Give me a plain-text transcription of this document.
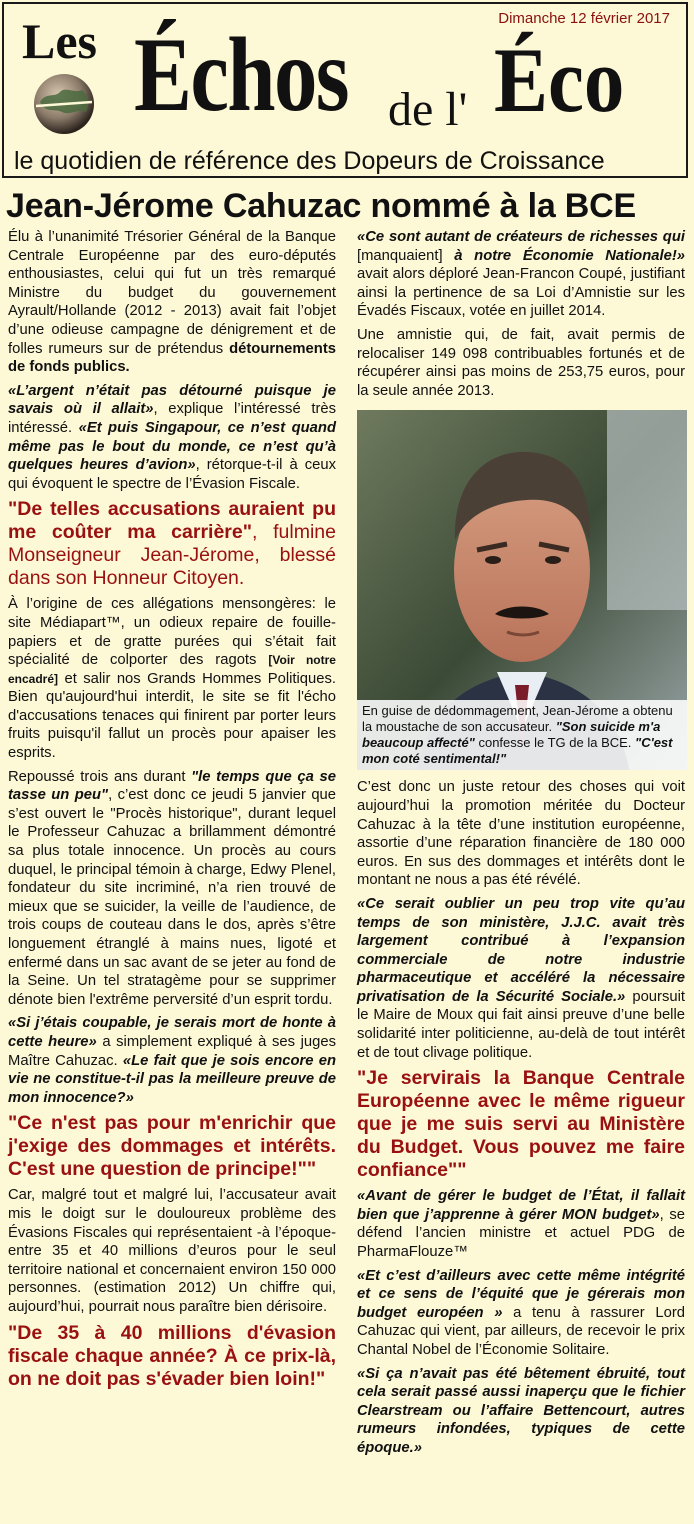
Dimanche 12 février 2017
Les Échos de l' Éco
le quotidien de référence des Dopeurs de Croissance
Jean-Jérome Cahuzac nommé à la BCE

Élu à l’unanimité Trésorier Général de la Banque Centrale Européenne par des euro-députés enthousiastes, celui qui fut un très remarqué Ministre du budget du gouvernement Ayrault/Hollande (2012 - 2013) avait fait l’objet d’une odieuse campagne de dénigrement et de folles rumeurs sur de prétendus détournements de fonds publics.

«L’argent n’était pas détourné puisque je savais où il allait», explique l’intéressé très intéressé. «Et puis Singapour, ce n’est quand même pas le bout du monde, ce n’est qu’à quelques heures d’avion», rétorque-t-il à ceux qui évoquent le spectre de l’Évasion Fiscale.

"De telles accusations auraient pu me coûter ma carrière", fulmine Monseigneur Jean-Jérome, blessé dans son Honneur Citoyen.

À l’origine de ces allégations mensongères: le site Médiapart™, un odieux repaire de fouille-papiers et de gratte purées qui s’était fait spécialité de colporter des ragots [Voir notre encadré] et salir nos Grands Hommes Politiques. Bien qu'aujourd'hui interdit, le site se fit l'écho d'accusations tenaces qui finirent par porter leurs fruits puisqu'il fallut un procès pour apaiser les esprits.

Repoussé trois ans durant "le temps que ça se tasse un peu", c’est donc ce jeudi 5 janvier que s’est ouvert le "Procès historique", durant lequel le Professeur Cahuzac a brillamment démontré sa plus totale innocence. Un procès au cours duquel, le principal témoin à charge, Edwy Plenel, fondateur du site incriminé, n’a rien trouvé de mieux que se suicider, la veille de l’audience, de trois coups de couteau dans le dos, après s’être longuement étranglé à mains nues, ligoté et enfermé dans un sac avant de se jeter au fond de la Seine. Un tel stratagème pour se supprimer dénote bien l'extrême perversité d’un esprit tordu.

«Si j’étais coupable, je serais mort de honte à cette heure» a simplement expliqué à ses juges Maître Cahuzac. «Le fait que je sois encore en vie ne constitue-t-il pas la meilleure preuve de mon innocence?»

"Ce n'est pas pour m'enrichir que j'exige des dommages et intérêts. C'est une question de principe!""

Car, malgré tout et malgré lui, l’accusateur avait mis le doigt sur le douloureux problème des Évasions Fiscales qui représentaient -à l’époque- entre 35 et 40 millions d’euros pour le seul territoire national et concernaient environ 150 000 personnes. (estimation 2012) Un chiffre qui, aujourd’hui, pourrait nous paraître bien dérisoire.

"De 35 à 40 millions d'évasion fiscale chaque année? À ce prix-là, on ne doit pas s'évader bien loin!"

«Ce sont autant de créateurs de richesses qui [manquaient] à notre Économie Nationale!» avait alors déploré Jean-Francon Coupé, justifiant ainsi la pertinence de sa Loi d’Amnistie sur les Évadés Fiscaux, votée en juillet 2014.

Une amnistie qui, de fait, avait permis de relocaliser 149 098 contribuables fortunés et de récupérer ainsi pas moins de 253,75 euros, pour la seule année 2013.

En guise de dédommagement, Jean-Jérome a obtenu la moustache de son accusateur. "Son suicide m'a beaucoup affecté" confesse le TG de la BCE. "C'est mon coté sentimental!"

C’est donc un juste retour des choses qui voit aujourd’hui la promotion méritée du Docteur Cahuzac à la tête d’une institution européenne, assortie d’une réparation financière de 180 000 euros. En sus des dommages et intérêts dont le montant ne nous a pas été révélé.

«Ce serait oublier un peu trop vite qu’au temps de son ministère, J.J.C. avait très largement contribué à l’expansion commerciale de notre industrie pharmaceutique et accéléré la nécessaire privatisation de la Sécurité Sociale.» poursuit le Maire de Moux qui fait ainsi preuve d’une belle solidarité inter politicienne, au-delà de tout intérêt et de tout clivage politique.

"Je servirais la Banque Centrale Européenne avec le même rigueur que je me suis servi au Ministère du Budget. Vous pouvez me faire confiance""

«Avant de gérer le budget de l’État, il fallait bien que j’apprenne à gérer MON budget», se défend l’ancien ministre et actuel PDG de PharmaFlouze™

«Et c’est d’ailleurs avec cette même intégrité et ce sens de l’équité que je gérerais mon budget européen » a tenu à rassurer Lord Cahuzac qui vient, par ailleurs, de recevoir le prix Chantal Nobel de l’Économie Solitaire.

«Si ça n’avait pas été bêtement ébruité, tout cela serait passé aussi inaperçu que le fichier Clearstream ou l’affaire Bettencourt, autres rumeurs infondées, typiques de cette époque.»
